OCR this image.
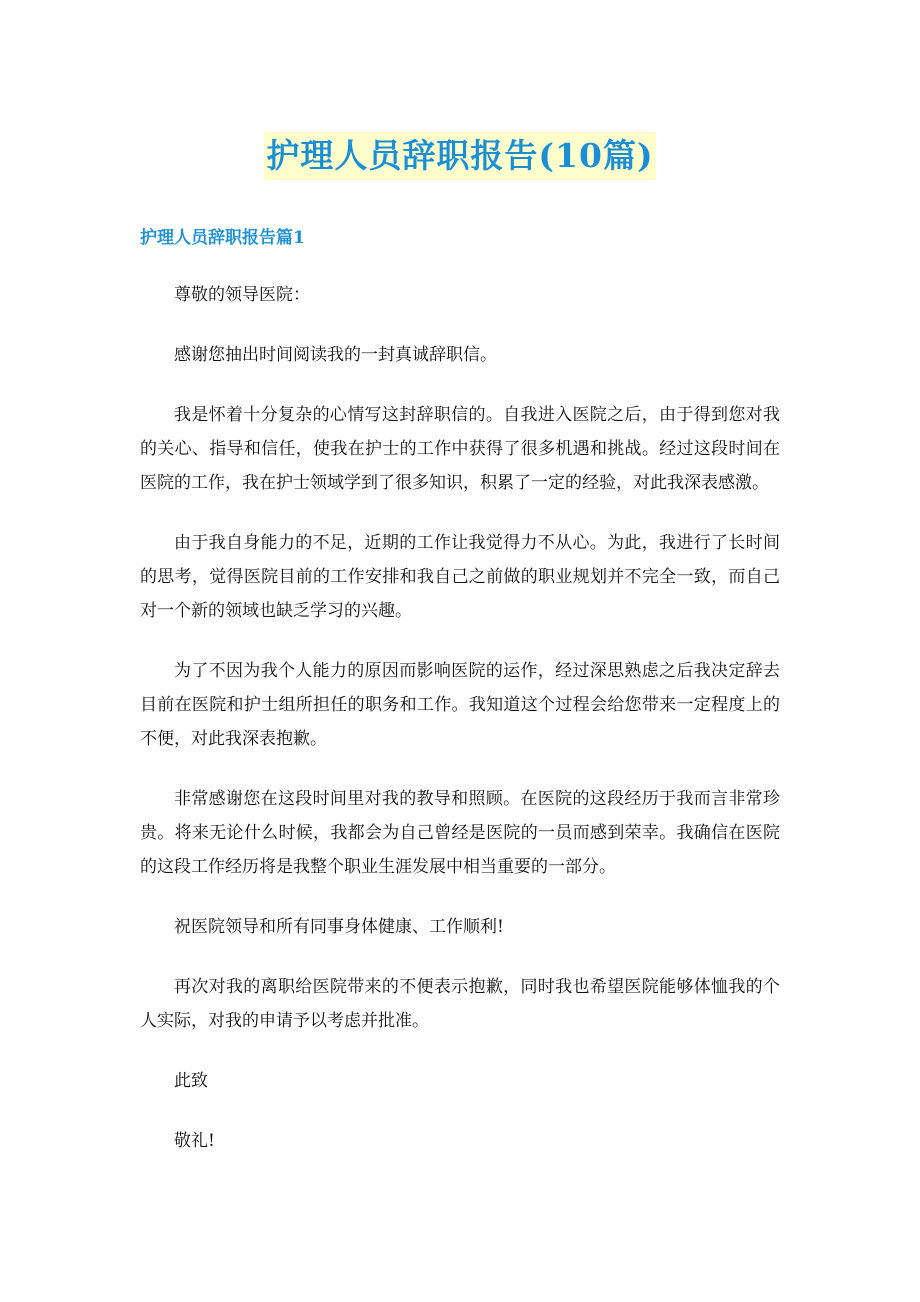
护理人员辞职报告(10篇)
护理人员辞职报告篇1

尊敬的领导医院：

感谢您抽出时间阅读我的一封真诚辞职信。

我是怀着十分复杂的心情写这封辞职信的。自我进入医院之后，由于得到您对我的关心、指导和信任，使我在护士的工作中获得了很多机遇和挑战。经过这段时间在医院的工作，我在护士领域学到了很多知识，积累了一定的经验，对此我深表感激。

由于我自身能力的不足，近期的工作让我觉得力不从心。为此，我进行了长时间的思考，觉得医院目前的工作安排和我自己之前做的职业规划并不完全一致，而自己对一个新的领域也缺乏学习的兴趣。

为了不因为我个人能力的原因而影响医院的运作，经过深思熟虑之后我决定辞去目前在医院和护士组所担任的职务和工作。我知道这个过程会给您带来一定程度上的不便，对此我深表抱歉。

非常感谢您在这段时间里对我的教导和照顾。在医院的这段经历于我而言非常珍贵。将来无论什么时候，我都会为自己曾经是医院的一员而感到荣幸。我确信在医院的这段工作经历将是我整个职业生涯发展中相当重要的一部分。

祝医院领导和所有同事身体健康、工作顺利!

再次对我的离职给医院带来的不便表示抱歉，同时我也希望医院能够体恤我的个人实际，对我的申请予以考虑并批准。

此致

敬礼!
